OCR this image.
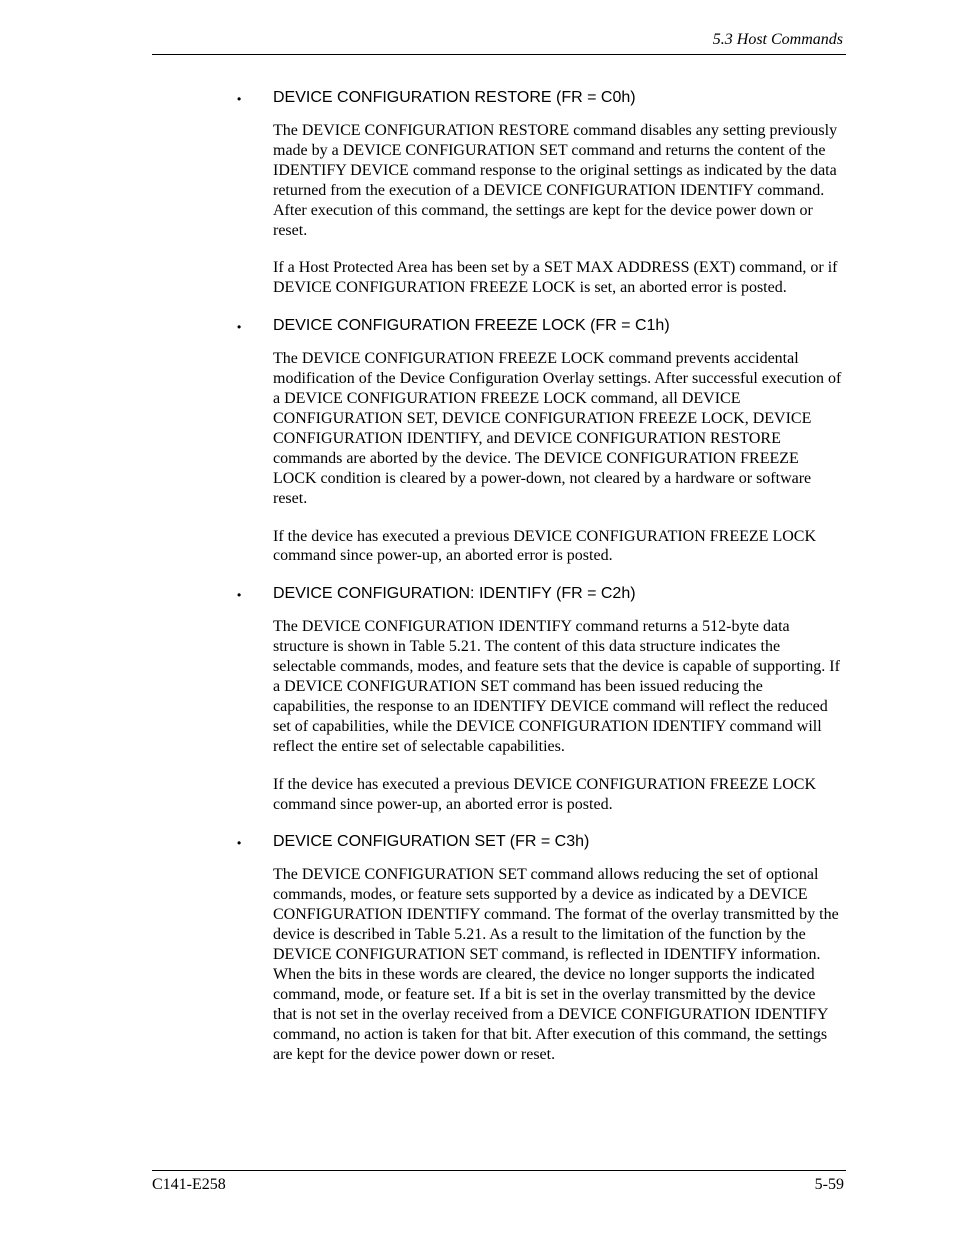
5.3 Host Commands
• DEVICE CONFIGURATION RESTORE (FR = C0h)

The DEVICE CONFIGURATION RESTORE command disables any setting previously made by a DEVICE CONFIGURATION SET command and returns the content of the IDENTIFY DEVICE command response to the original settings as indicated by the data returned from the execution of a DEVICE CONFIGURATION IDENTIFY command. After execution of this command, the settings are kept for the device power down or reset.

If a Host Protected Area has been set by a SET MAX ADDRESS (EXT) command, or if DEVICE CONFIGURATION FREEZE LOCK is set, an aborted error is posted.

• DEVICE CONFIGURATION FREEZE LOCK (FR = C1h)

The DEVICE CONFIGURATION FREEZE LOCK command prevents accidental modification of the Device Configuration Overlay settings. After successful execution of a DEVICE CONFIGURATION FREEZE LOCK command, all DEVICE CONFIGURATION SET, DEVICE CONFIGURATION FREEZE LOCK, DEVICE CONFIGURATION IDENTIFY, and DEVICE CONFIGURATION RESTORE commands are aborted by the device. The DEVICE CONFIGURATION FREEZE LOCK condition is cleared by a power-down, not cleared by a hardware or software reset.

If the device has executed a previous DEVICE CONFIGURATION FREEZE LOCK command since power-up, an aborted error is posted.

• DEVICE CONFIGURATION: IDENTIFY (FR = C2h)

The DEVICE CONFIGURATION IDENTIFY command returns a 512-byte data structure is shown in Table 5.21. The content of this data structure indicates the selectable commands, modes, and feature sets that the device is capable of supporting. If a DEVICE CONFIGURATION SET command has been issued reducing the capabilities, the response to an IDENTIFY DEVICE command will reflect the reduced set of capabilities, while the DEVICE CONFIGURATION IDENTIFY command will reflect the entire set of selectable capabilities.

If the device has executed a previous DEVICE CONFIGURATION FREEZE LOCK command since power-up, an aborted error is posted.

• DEVICE CONFIGURATION SET (FR = C3h)

The DEVICE CONFIGURATION SET command allows reducing the set of optional commands, modes, or feature sets supported by a device as indicated by a DEVICE CONFIGURATION IDENTIFY command. The format of the overlay transmitted by the device is described in Table 5.21. As a result to the limitation of the function by the DEVICE CONFIGURATION SET command, is reflected in IDENTIFY information. When the bits in these words are cleared, the device no longer supports the indicated command, mode, or feature set. If a bit is set in the overlay transmitted by the device that is not set in the overlay received from a DEVICE CONFIGURATION IDENTIFY command, no action is taken for that bit. After execution of this command, the settings are kept for the device power down or reset.

C141-E258	5-59
